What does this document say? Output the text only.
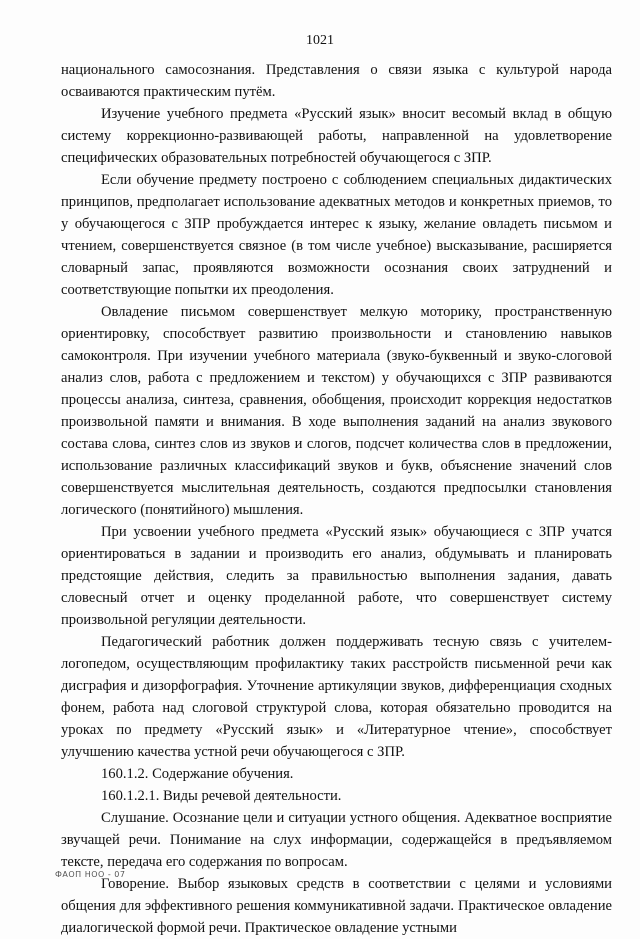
1021

национального самосознания. Представления о связи языка с культурой народа осваиваются практическим путём.

Изучение учебного предмета «Русский язык» вносит весомый вклад в общую систему коррекционно-развивающей работы, направленной на удовлетворение специфических образовательных потребностей обучающегося с ЗПР.

Если обучение предмету построено с соблюдением специальных дидактических принципов, предполагает использование адекватных методов и конкретных приемов, то у обучающегося с ЗПР пробуждается интерес к языку, желание овладеть письмом и чтением, совершенствуется связное (в том числе учебное) высказывание, расширяется словарный запас, проявляются возможности осознания своих затруднений и соответствующие попытки их преодоления.

Овладение письмом совершенствует мелкую моторику, пространственную ориентировку, способствует развитию произвольности и становлению навыков самоконтроля. При изучении учебного материала (звуко-буквенный и звуко-слоговой анализ слов, работа с предложением и текстом) у обучающихся с ЗПР развиваются процессы анализа, синтеза, сравнения, обобщения, происходит коррекция недостатков произвольной памяти и внимания. В ходе выполнения заданий на анализ звукового состава слова, синтез слов из звуков и слогов, подсчет количества слов в предложении, использование различных классификаций звуков и букв, объяснение значений слов совершенствуется мыслительная деятельность, создаются предпосылки становления логического (понятийного) мышления.

При усвоении учебного предмета «Русский язык» обучающиеся с ЗПР учатся ориентироваться в задании и производить его анализ, обдумывать и планировать предстоящие действия, следить за правильностью выполнения задания, давать словесный отчет и оценку проделанной работе, что совершенствует систему произвольной регуляции деятельности.

Педагогический работник должен поддерживать тесную связь с учителем-логопедом, осуществляющим профилактику таких расстройств письменной речи как дисграфия и дизорфография. Уточнение артикуляции звуков, дифференциация сходных фонем, работа над слоговой структурой слова, которая обязательно проводится на уроках по предмету «Русский язык» и «Литературное чтение», способствует улучшению качества устной речи обучающегося с ЗПР.

160.1.2. Содержание обучения.

160.1.2.1. Виды речевой деятельности.

Слушание. Осознание цели и ситуации устного общения. Адекватное восприятие звучащей речи. Понимание на слух информации, содержащейся в предъявляемом тексте, передача его содержания по вопросам.

Говорение. Выбор языковых средств в соответствии с целями и условиями общения для эффективного решения коммуникативной задачи. Практическое овладение диалогической формой речи. Практическое овладение устными

ФАОП НОО - 07
